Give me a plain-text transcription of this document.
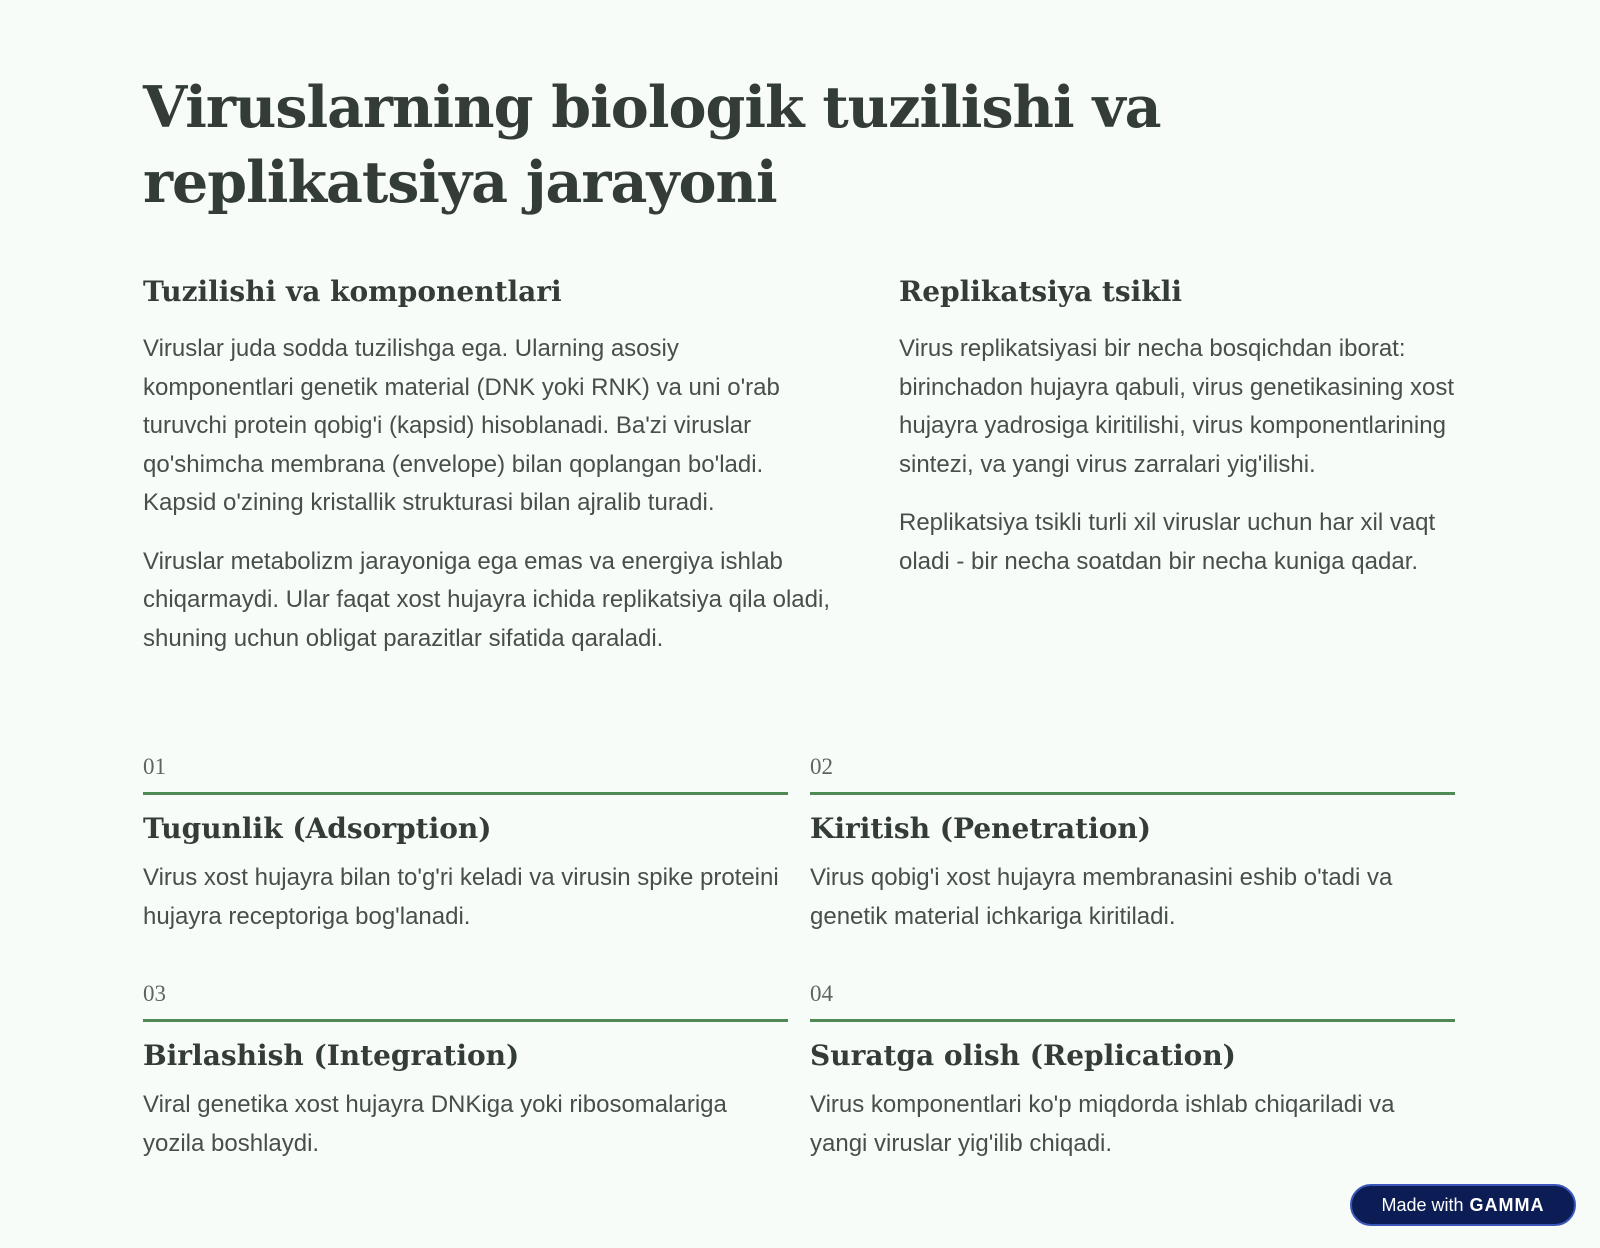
Viruslarning biologik tuzilishi va replikatsiya jarayoni
Tuzilishi va komponentlari

Viruslar juda sodda tuzilishga ega. Ularning asosiy komponentlari genetik material (DNK yoki RNK) va uni o'rab turuvchi protein qobig'i (kapsid) hisoblanadi. Ba'zi viruslar qo'shimcha membrana (envelope) bilan qoplangan bo'ladi. Kapsid o'zining kristallik strukturasi bilan ajralib turadi.

Viruslar metabolizm jarayoniga ega emas va energiya ishlab chiqarmaydi. Ular faqat xost hujayra ichida replikatsiya qila oladi, shuning uchun obligat parazitlar sifatida qaraladi.

Replikatsiya tsikli

Virus replikatsiyasi bir necha bosqichdan iborat: birinchadon hujayra qabuli, virus genetikasining xost hujayra yadrosiga kiritilishi, virus komponentlarining sintezi, va yangi virus zarralari yig'ilishi.

Replikatsiya tsikli turli xil viruslar uchun har xil vaqt oladi - bir necha soatdan bir necha kuniga qadar.

01
Tugunlik (Adsorption)

Virus xost hujayra bilan to'g'ri keladi va virusin spike proteini hujayra receptoriga bog'lanadi.

02
Kiritish (Penetration)

Virus qobig'i xost hujayra membranasini eshib o'tadi va genetik material ichkariga kiritiladi.

03
Birlashish (Integration)

Viral genetika xost hujayra DNKiga yoki ribosomalariga yozila boshlaydi.

04
Suratga olish (Replication)

Virus komponentlari ko'p miqdorda ishlab chiqariladi va yangi viruslar yig'ilib chiqadi.

Made with GAMMA
